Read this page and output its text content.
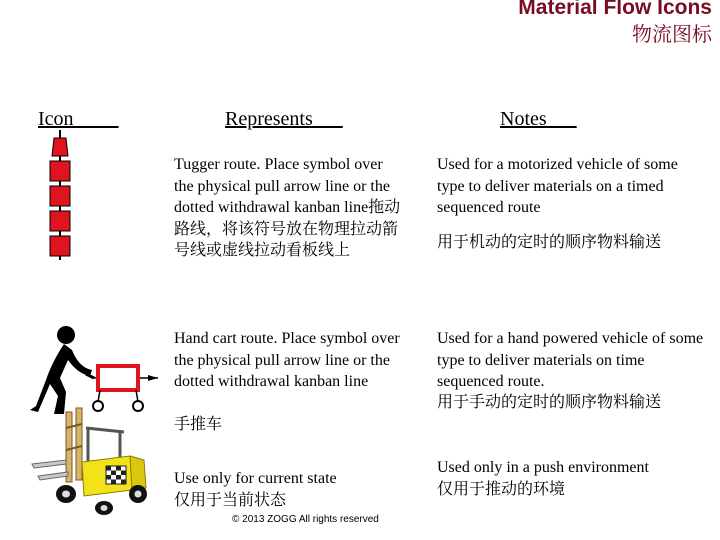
Material Flow Icons
物流图标
Icon	Represents	Notes
Tugger route. Place symbol over the physical pull arrow line or the dotted withdrawal kanban line拖动路线，将该符号放在物理拉动箭号线或虚线拉动看板线上
Used for a motorized vehicle of some type to deliver materials on a timed sequenced route
用于机动的定时的顺序物料输送
Hand cart route. Place symbol over the physical pull arrow line or the dotted withdrawal kanban line
手推车
Used for a hand powered vehicle of some type to deliver materials on time sequenced route.
用于手动的定时的顺序物料输送
Use only for current state
仅用于当前状态
Used only in a push environment
仅用于推动的环境
© 2013 ZOGG All rights reserved
